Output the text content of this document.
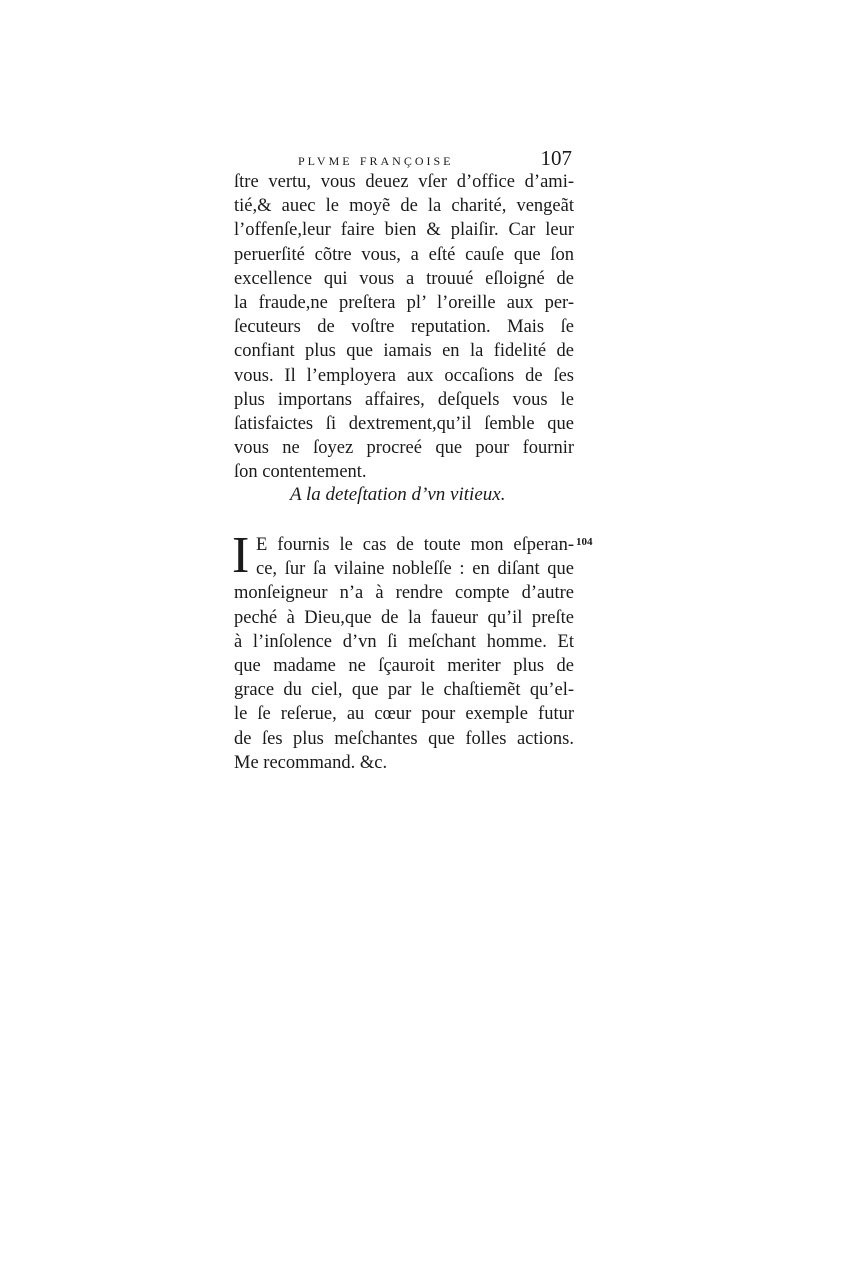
plvme françoise	107
ſtre vertu, vous deuez vſer d’office d’ami-
tié,& auec le moyẽ de la charité, vengeãt
l’offenſe,leur faire bien & plaiſir. Car leur
peruerſité cõtre vous, a eſté cauſe que ſon
excellence qui vous a trouué eſloigné de
la fraude,ne preſtera pl’ l’oreille aux per-
ſecuteurs de voſtre reputation. Mais ſe
confiant plus que iamais en la fidelité de
vous. Il l’employera aux occaſions de ſes
plus importans affaires, deſquels vous le
ſatisfaictes ſi dextrement,qu’il ſemble que
vous ne ſoyez procreé que pour fournir
ſon contentement.
A la deteſtation d’vn vitieux.
I E fournis le cas de toute mon eſperan-
ce, ſur ſa vilaine nobleſſe : en diſant que
monſeigneur n’a à rendre compte d’autre
peché à Dieu,que de la faueur qu’il preſte
à l’inſolence d’vn ſi meſchant homme. Et
que madame ne ſçauroit meriter plus de
grace du ciel, que par le chaſtiemẽt qu’el-
le ſe reſerue, au cœur pour exemple futur
de ſes plus meſchantes que folles actions.
Me recommand. &c.
104
